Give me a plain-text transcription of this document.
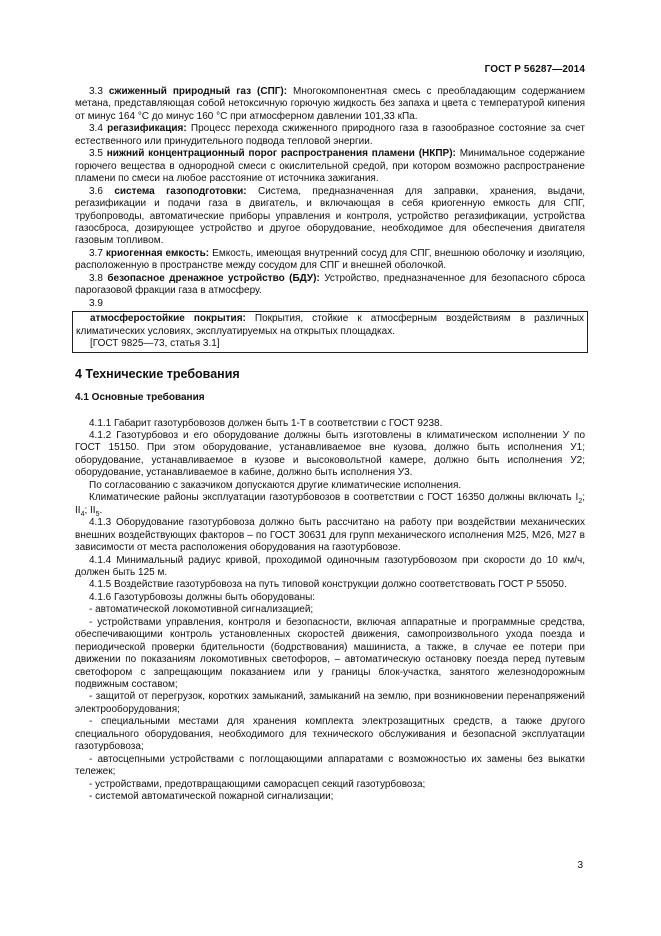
ГОСТ Р 56287—2014

3.3 сжиженный природный газ (СПГ): Многокомпонентная смесь с преобладающим содержанием метана, представляющая собой нетоксичную горючую жидкость без запаха и цвета с температурой кипения от минус 164 °С до минус 160 °С при атмосферном давлении 101,33 кПа.

3.4 регазификация: Процесс перехода сжиженного природного газа в газообразное состояние за счет естественного или принудительного подвода тепловой энергии.

3.5 нижний концентрационный порог распространения пламени (НКПР): Минимальное содержание горючего вещества в однородной смеси с окислительной средой, при котором возможно распространение пламени по смеси на любое расстояние от источника зажигания.

3.6 система газоподготовки: Система, предназначенная для заправки, хранения, выдачи, регазификации и подачи газа в двигатель, и включающая в себя криогенную емкость для СПГ, трубопроводы, автоматические приборы управления и контроля, устройство регазификации, устройства газосброса, дозирующее устройство и другое оборудование, необходимое для обеспечения двигателя газовым топливом.

3.7 криогенная емкость: Емкость, имеющая внутренний сосуд для СПГ, внешнюю оболочку и изоляцию, расположенную в пространстве между сосудом для СПГ и внешней оболочкой.

3.8 безопасное дренажное устройство (БДУ): Устройство, предназначенное для безопасного сброса парогазовой фракции газа в атмосферу.

3.9

атмосферостойкие покрытия: Покрытия, стойкие к атмосферным воздействиям в различных климатических условиях, эксплуатируемых на открытых площадках.

[ГОСТ 9825—73, статья 3.1]

4 Технические требования
4.1 Основные требования

4.1.1 Габарит газотурбовозов должен быть 1-Т в соответствии с ГОСТ 9238.

4.1.2 Газотурбовоз и его оборудование должны быть изготовлены в климатическом исполнении У по ГОСТ 15150. При этом оборудование, устанавливаемое вне кузова, должно быть исполнения У1; оборудование, устанавливаемое в кузове и высоковольтной камере, должно быть исполнения У2; оборудование, устанавливаемое в кабине, должно быть исполнения У3.

По согласованию с заказчиком допускаются другие климатические исполнения.

Климатические районы эксплуатации газотурбовозов в соответствии с ГОСТ 16350 должны включать $I_2$; $II_4$; $II_5$.

4.1.3 Оборудование газотурбовоза должно быть рассчитано на работу при воздействии механических внешних воздействующих факторов – по ГОСТ 30631 для групп механического исполнения М25, М26, М27 в зависимости от места расположения оборудования на газотурбовозе.

4.1.4 Минимальный радиус кривой, проходимой одиночным газотурбовозом при скорости до 10 км/ч, должен быть 125 м.

4.1.5 Воздействие газотурбовоза на путь типовой конструкции должно соответствовать ГОСТ Р 55050.

4.1.6 Газотурбовозы должны быть оборудованы:

- автоматической локомотивной сигнализацией;

- устройствами управления, контроля и безопасности, включая аппаратные и программные средства, обеспечивающими контроль установленных скоростей движения, самопроизвольного ухода поезда и периодической проверки бдительности (бодрствования) машиниста, а также, в случае ее потери при движении по показаниям локомотивных светофоров, – автоматическую остановку поезда перед путевым светофором с запрещающим показанием или у границы блок-участка, занятого железнодорожным подвижным составом;

- защитой от перегрузок, коротких замыканий, замыканий на землю, при возникновении перенапряжений электрооборудования;

- специальными местами для хранения комплекта электрозащитных средств, а также другого специального оборудования, необходимого для технического обслуживания и безопасной эксплуатации газотурбовоза;

- автосцепными устройствами с поглощающими аппаратами с возможностью их замены без выкатки тележек;

- устройствами, предотвращающими саморасцеп секций газотурбовоза;

- системой автоматической пожарной сигнализации;

3
